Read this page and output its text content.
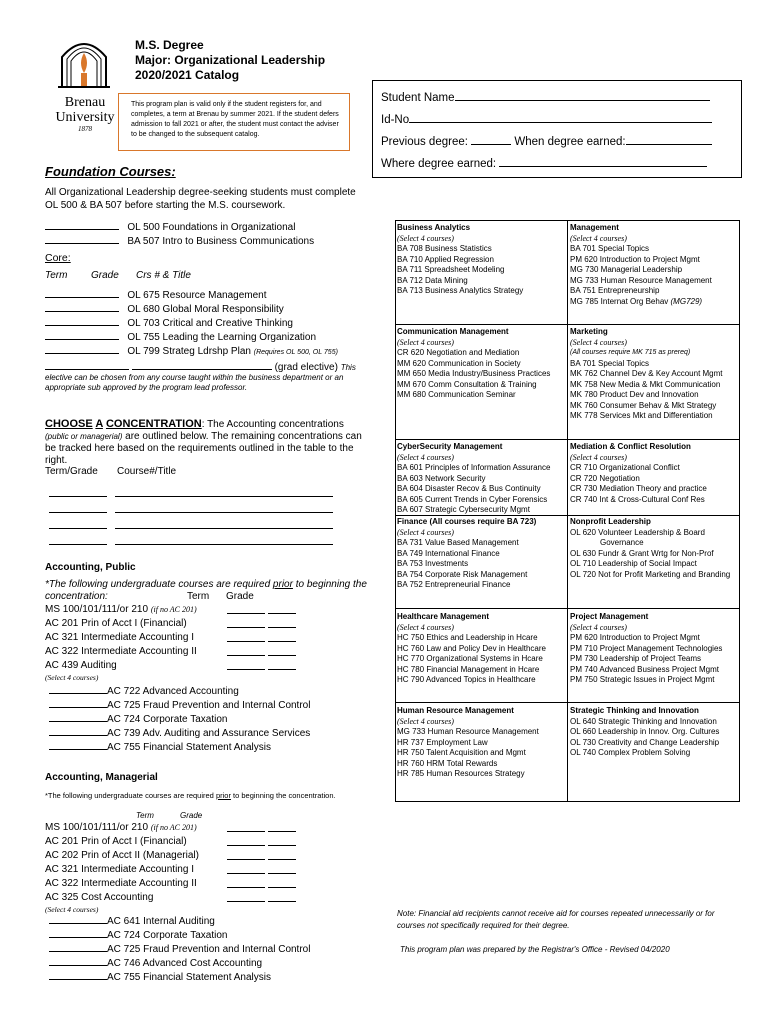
Brenau University
1878
M.S. Degree
Major: Organizational Leadership
2020/2021 Catalog
This program plan is valid only if the student registers for, and completes, a term at Brenau by summer 2021. If the student defers admission to fall 2021 or after, the student must contact the adviser to be changed to the subsequent catalog.
Student Name
Id-No
Previous degree:	When degree earned:
Where degree earned:
Foundation Courses:
All Organizational Leadership degree-seeking students must complete OL 500 & BA 507 before starting the M.S. coursework.
OL 500 Foundations in Organizational
BA 507 Intro to Business Communications
Core:
Term Grade Crs # & Title
OL 675 Resource Management
OL 680 Global Moral Responsibility
OL 703 Critical and Creative Thinking
OL 755 Leading the Learning Organization
OL 799 Strateg Ldrshp Plan (Requires OL 500, OL 755)
(grad elective) This
elective can be chosen from any course taught within the business department or an appropriate sub approved by the program lead professor.
CHOOSE A CONCENTRATION: The Accounting concentrations (public or managerial) are outlined below. The remaining concentrations can be tracked here based on the requirements outlined in the table to the right.
Term/Grade Course#/Title

Accounting, Public
*The following undergraduate courses are required prior to beginning the concentration:	Term Grade
MS 100/101/111/or 210 (if no AC 201)
AC 201 Prin of Acct I (Financial)
AC 321 Intermediate Accounting I
AC 322 Intermediate Accounting II
AC 439 Auditing

(Select 4 courses)
AC 722 Advanced Accounting
AC 725 Fraud Prevention and Internal Control
AC 724 Corporate Taxation
AC 739 Adv. Auditing and Assurance Services
AC 755 Financial Statement Analysis
Accounting, Managerial
*The following undergraduate courses are required prior to beginning the concentration.
Term	Grade
MS 100/101/111/or 210 (if no AC 201)
AC 201 Prin of Acct I (Financial)
AC 202 Prin of Acct II (Managerial)
AC 321 Intermediate Accounting I
AC 322 Intermediate Accounting II
AC 325 Cost Accounting

(Select 4 courses)
AC 641 Internal Auditing
AC 724 Corporate Taxation
AC 725 Fraud Prevention and Internal Control
AC 746 Advanced Cost Accounting
AC 755 Financial Statement Analysis
Business Analytics
(Select 4 courses)
BA 708 Business Statistics
BA 710 Applied Regression
BA 711 Spreadsheet Modeling
BA 712 Data Mining
BA 713 Business Analytics Strategy
Management
(Select 4 courses)
BA 701 Special Topics
PM 620 Introduction to Project Mgmt
MG 730 Managerial Leadership
MG 733 Human Resource Management
BA 751 Entrepreneurship
MG 785 Internat Org Behav (MG729)
Communication Management
(Select 4 courses)
CR 620 Negotiation and Mediation
MM 620 Communication in Society
MM 650 Media Industry/Business Practices
MM 670 Comm Consultation & Training
MM 680 Communication Seminar
Marketing
(Select 4 courses)
(All courses require MK 715 as prereq)
BA 701 Special Topics
MK 762 Channel Dev & Key Account Mgmt
MK 758 New Media & Mkt Communication
MK 780 Product Dev and Innovation
MK 760 Consumer Behav & Mkt Strategy
MK 778 Services Mkt and Differentiation
CyberSecurity Management
(Select 4 courses)
BA 601 Principles of Information Assurance
BA 603 Network Security
BA 604 Disaster Recov & Bus Continuity
BA 605 Current Trends in Cyber Forensics
BA 607 Strategic Cybersecurity Mgmt
Mediation & Conflict Resolution
(Select 4 courses)
CR 710 Organizational Conflict
CR 720 Negotiation
CR 730 Mediation Theory and practice
CR 740 Int & Cross-Cultural Conf Res
Finance (All courses require BA 723)
(Select 4 courses)
BA 731 Value Based Management
BA 749 International Finance
BA 753 Investments
BA 754 Corporate Risk Management
BA 752 Entrepreneurial Finance
Nonprofit Leadership
OL 620 Volunteer Leadership & Board
Governance
OL 630 Fundr & Grant Wrtg for Non-Prof
OL 710 Leadership of Social Impact
OL 720 Not for Profit Marketing and Branding
Healthcare Management
(Select 4 courses)
HC 750 Ethics and Leadership in Hcare
HC 760 Law and Policy Dev in Healthcare
HC 770 Organizational Systems in Hcare
HC 780 Financial Management in Hcare
HC 790 Advanced Topics in Healthcare
Project Management
(Select 4 courses)
PM 620 Introduction to Project Mgmt
PM 710 Project Management Technologies
PM 730 Leadership of Project Teams
PM 740 Advanced Business Project Mgmt
PM 750 Strategic Issues in Project Mgmt
Human Resource Management
(Select 4 courses)
MG 733 Human Resource Management
HR 737 Employment Law
HR 750 Talent Acquisition and Mgmt
HR 760 HRM Total Rewards
HR 785 Human Resources Strategy
Strategic Thinking and Innovation
OL 640 Strategic Thinking and Innovation
OL 660 Leadership in Innov. Org. Cultures
OL 730 Creativity and Change Leadership
OL 740 Complex Problem Solving
Note: Financial aid recipients cannot receive aid for courses repeated unnecessarily or for courses not specifically required for their degree.
This program plan was prepared by the Registrar's Office - Revised 04/2020
